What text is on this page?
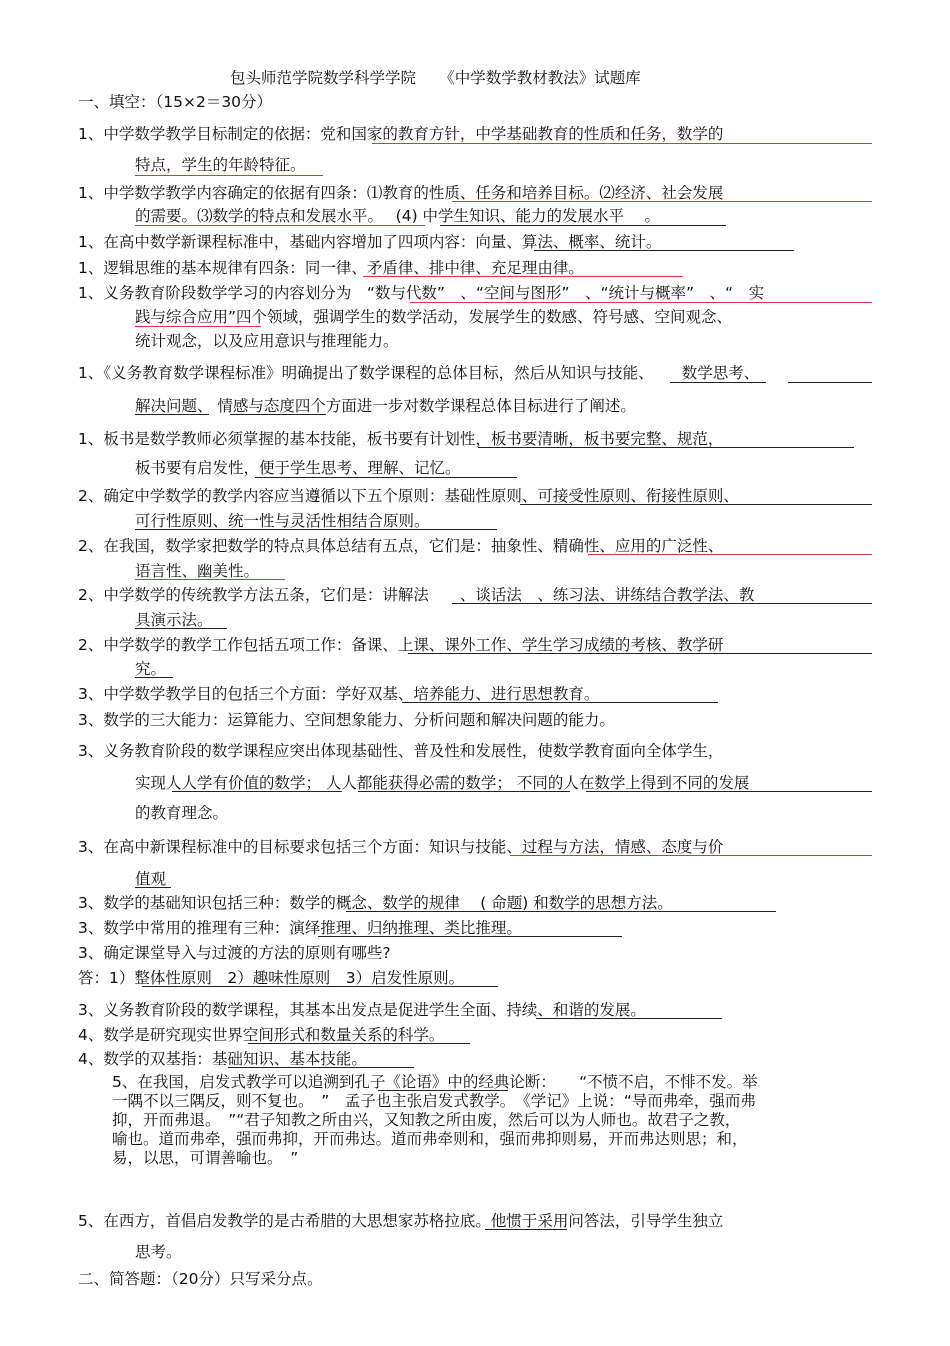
包头师范学院数学科学学院　　《中学数学教材教法》试题库
一、填空：（15×2＝30分）
1、中学数学教学目标制定的依据：党和国家的教育方针，中学基础教育的性质和任务，数学的
特点，学生的年龄特征。
1、中学数学教学内容确定的依据有四条：⑴教育的性质、任务和培养目标。⑵经济、社会发展
的需要。⑶数学的特点和发展水平。　 (4) 中学生知识、能力的发展水平　 。
1、在高中数学新课程标准中，基础内容增加了四项内容：向量、算法、概率、统计。
1、逻辑思维的基本规律有四条：同一律、矛盾律、排中律、充足理由律。
1、义务教育阶段数学学习的内容划分为　“数与代数”　、“空间与图形”　、“统计与概率”　、“　实
践与综合应用”四个领域，强调学生的数学活动，发展学生的数感、符号感、空间观念、
统计观念，以及应用意识与推理能力。
1、《义务教育数学课程标准》明确提出了数学课程的总体目标，然后从知识与技能、　　 数学思考、
解决问题、 情感与态度四个方面进一步对数学课程总体目标进行了阐述。
1、板书是数学教师必须掌握的基本技能，板书要有计划性，板书要清晰，板书要完整、规范，
板书要有启发性，便于学生思考、理解、记忆。
2、确定中学数学的教学内容应当遵循以下五个原则：基础性原则、可接受性原则、衔接性原则、
可行性原则、统一性与灵活性相结合原则。
2、在我国，数学家把数学的特点具体总结有五点，它们是：抽象性、精确性、应用的广泛性、
语言性、幽美性。
2、中学数学的传统教学方法五条，它们是：讲解法　　、谈话法　、练习法、讲练结合教学法、教
具演示法。
2、中学数学的教学工作包括五项工作：备课、上课、课外工作、学生学习成绩的考核、教学研
究。
3、中学数学教学目的包括三个方面：学好双基、培养能力、进行思想教育。
3、数学的三大能力：运算能力、空间想象能力、分析问题和解决问题的能力。
3、义务教育阶段的数学课程应突出体现基础性、普及性和发展性，使数学教育面向全体学生，
实现人人学有价值的数学； 人人都能获得必需的数学； 不同的人在数学上得到不同的发展
的教育理念。
3、在高中新课程标准中的目标要求包括三个方面：知识与技能、过程与方法，情感、态度与价
值观
3、数学的基础知识包括三种：数学的概念、数学的规律　 ( 命题) 和数学的思想方法。
3、数学中常用的推理有三种：演绎推理、归纳推理、类比推理。
3、确定课堂导入与过渡的方法的原则有哪些?
答：1）整体性原则　2）趣味性原则　3）启发性原则。
3、义务教育阶段的数学课程，其基本出发点是促进学生全面、持续、和谐的发展。
4、数学是研究现实世界空间形式和数量关系的科学。
4、数学的双基指：基础知识、基本技能。
5、在我国，启发式教学可以追溯到孔子《论语》中的经典论断：　　“不愤不启，不悱不发。举
一隅不以三隅反，则不复也。　”　孟子也主张启发式教学。　《学记》上说：“导而弗牵，强而弗
抑，开而弗退。　”“君子知教之所由兴，又知教之所由废，然后可以为人师也。故君子之教，
喻也。道而弗牵，强而弗抑，开而弗达。道而弗牵则和，强而弗抑则易，开而弗达则思；和，
易，以思，可谓善喻也。　”
5、在西方，首倡启发教学的是古希腊的大思想家苏格拉底。他惯于采用问答法，引导学生独立
思考。
二、简答题：（20分）只写采分点。
